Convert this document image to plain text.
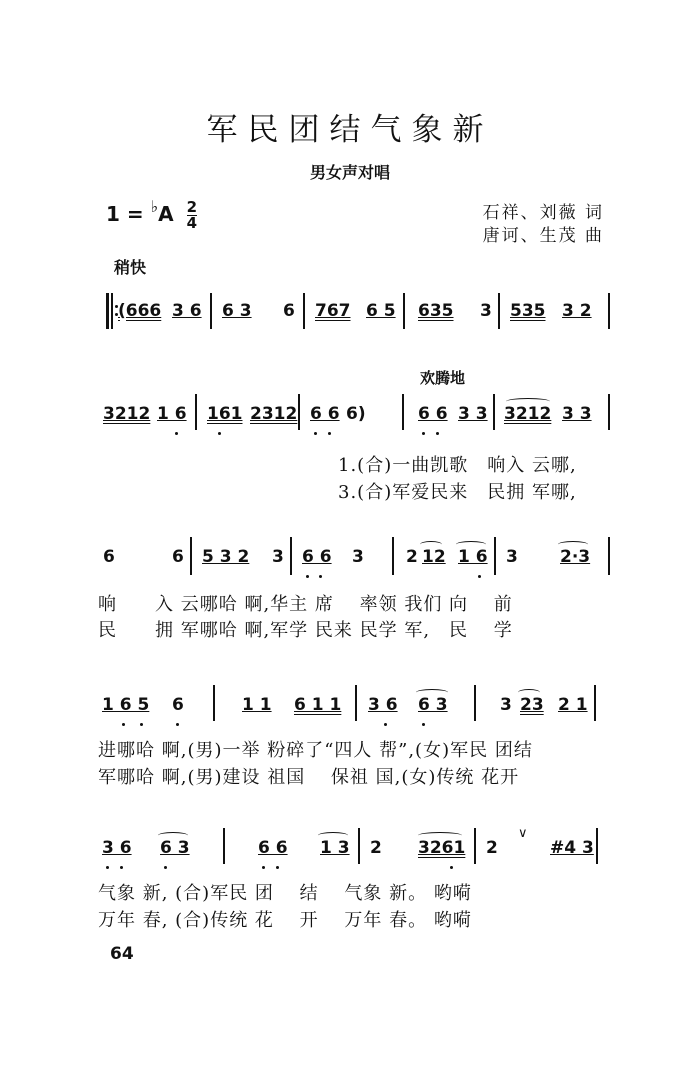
军民团结气象新
男女声对唱
$1 = ^♭A \frac{2}{4}$	石祥、刘薇 词
唐诃、生茂 曲
稍快
(666 3 6 6 3 6 767 6 5 635 3 535 3 2
欢腾地
3212 1 6 161 2312 6 6 6)	6 6 3 3 3212 3 3
1.(合)一曲凯歌　响入 云哪,
3.(合)军爱民来　民拥 军哪,
6	6 5 3 2 3 6 6 3 2 12 1 6 3 2·3
响　　入 云哪哈 啊,华主 席　 率领 我们 向　 前
民　　拥 军哪哈 啊,军学 民来 民学 军,　民　 学
1 6 5 6	1 1 6 1 1 3 6 6 3	3 23 2 1
进哪哈 啊,(男)一举 粉碎了“四人 帮”,(女)军民 团结
军哪哈 啊,(男)建设 祖国　 保祖 国,(女)传统 花开
3 6 6 3	6 6 1 3 2 3261 2
∨
#4 3
气象 新, (合)军民 团　 结　 气象 新。 哟嗬
万年 春, (合)传统 花　 开　 万年 春。 哟嗬
64
